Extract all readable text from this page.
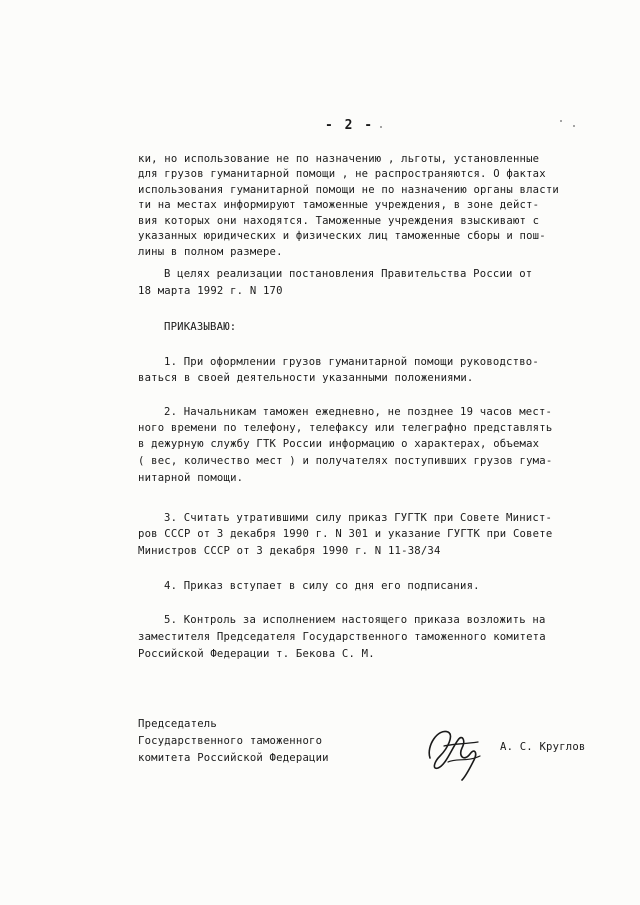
- 2 -
ки, но использование не по назначению , льготы, установленные
для грузов гуманитарной помощи , не распространяются. О фактах
использования гуманитарной помощи не по назначению органы власти
ти на местах информируют таможенные учреждения, в зоне дейст-
вия которых они находятся. Таможенные учреждения взыскивают с
указанных юридических и физических лиц таможенные сборы и пош-
лины в полном размере.
В целях реализации постановления Правительства России от
18 марта 1992 г. N 170
ПРИКАЗЫВАЮ:
1. При оформлении грузов гуманитарной помощи руководство-
ваться в своей деятельности указанными положениями.
2. Начальникам таможен ежедневно, не позднее 19 часов мест-
ного времени по телефону, телефаксу или телеграфно представлять
в дежурную службу ГТК России информацию о характерах, объемах
( вес, количество мест ) и получателях поступивших грузов гума-
нитарной помощи.
3. Считать утратившими силу приказ ГУГТК при Совете Минист-
ров СССР от 3 декабря 1990 г. N 301 и указание ГУГТК при Совете
Министров СССР от 3 декабря 1990 г. N 11-38/34
4. Приказ вступает в силу со дня его подписания.
5. Контроль за исполнением настоящего приказа возложить на
заместителя Председателя Государственного таможенного комитета
Российской Федерации т. Бекова С. М.
Председатель
Государственного таможенного
комитета Российской Федерации
А. С. Круглов
